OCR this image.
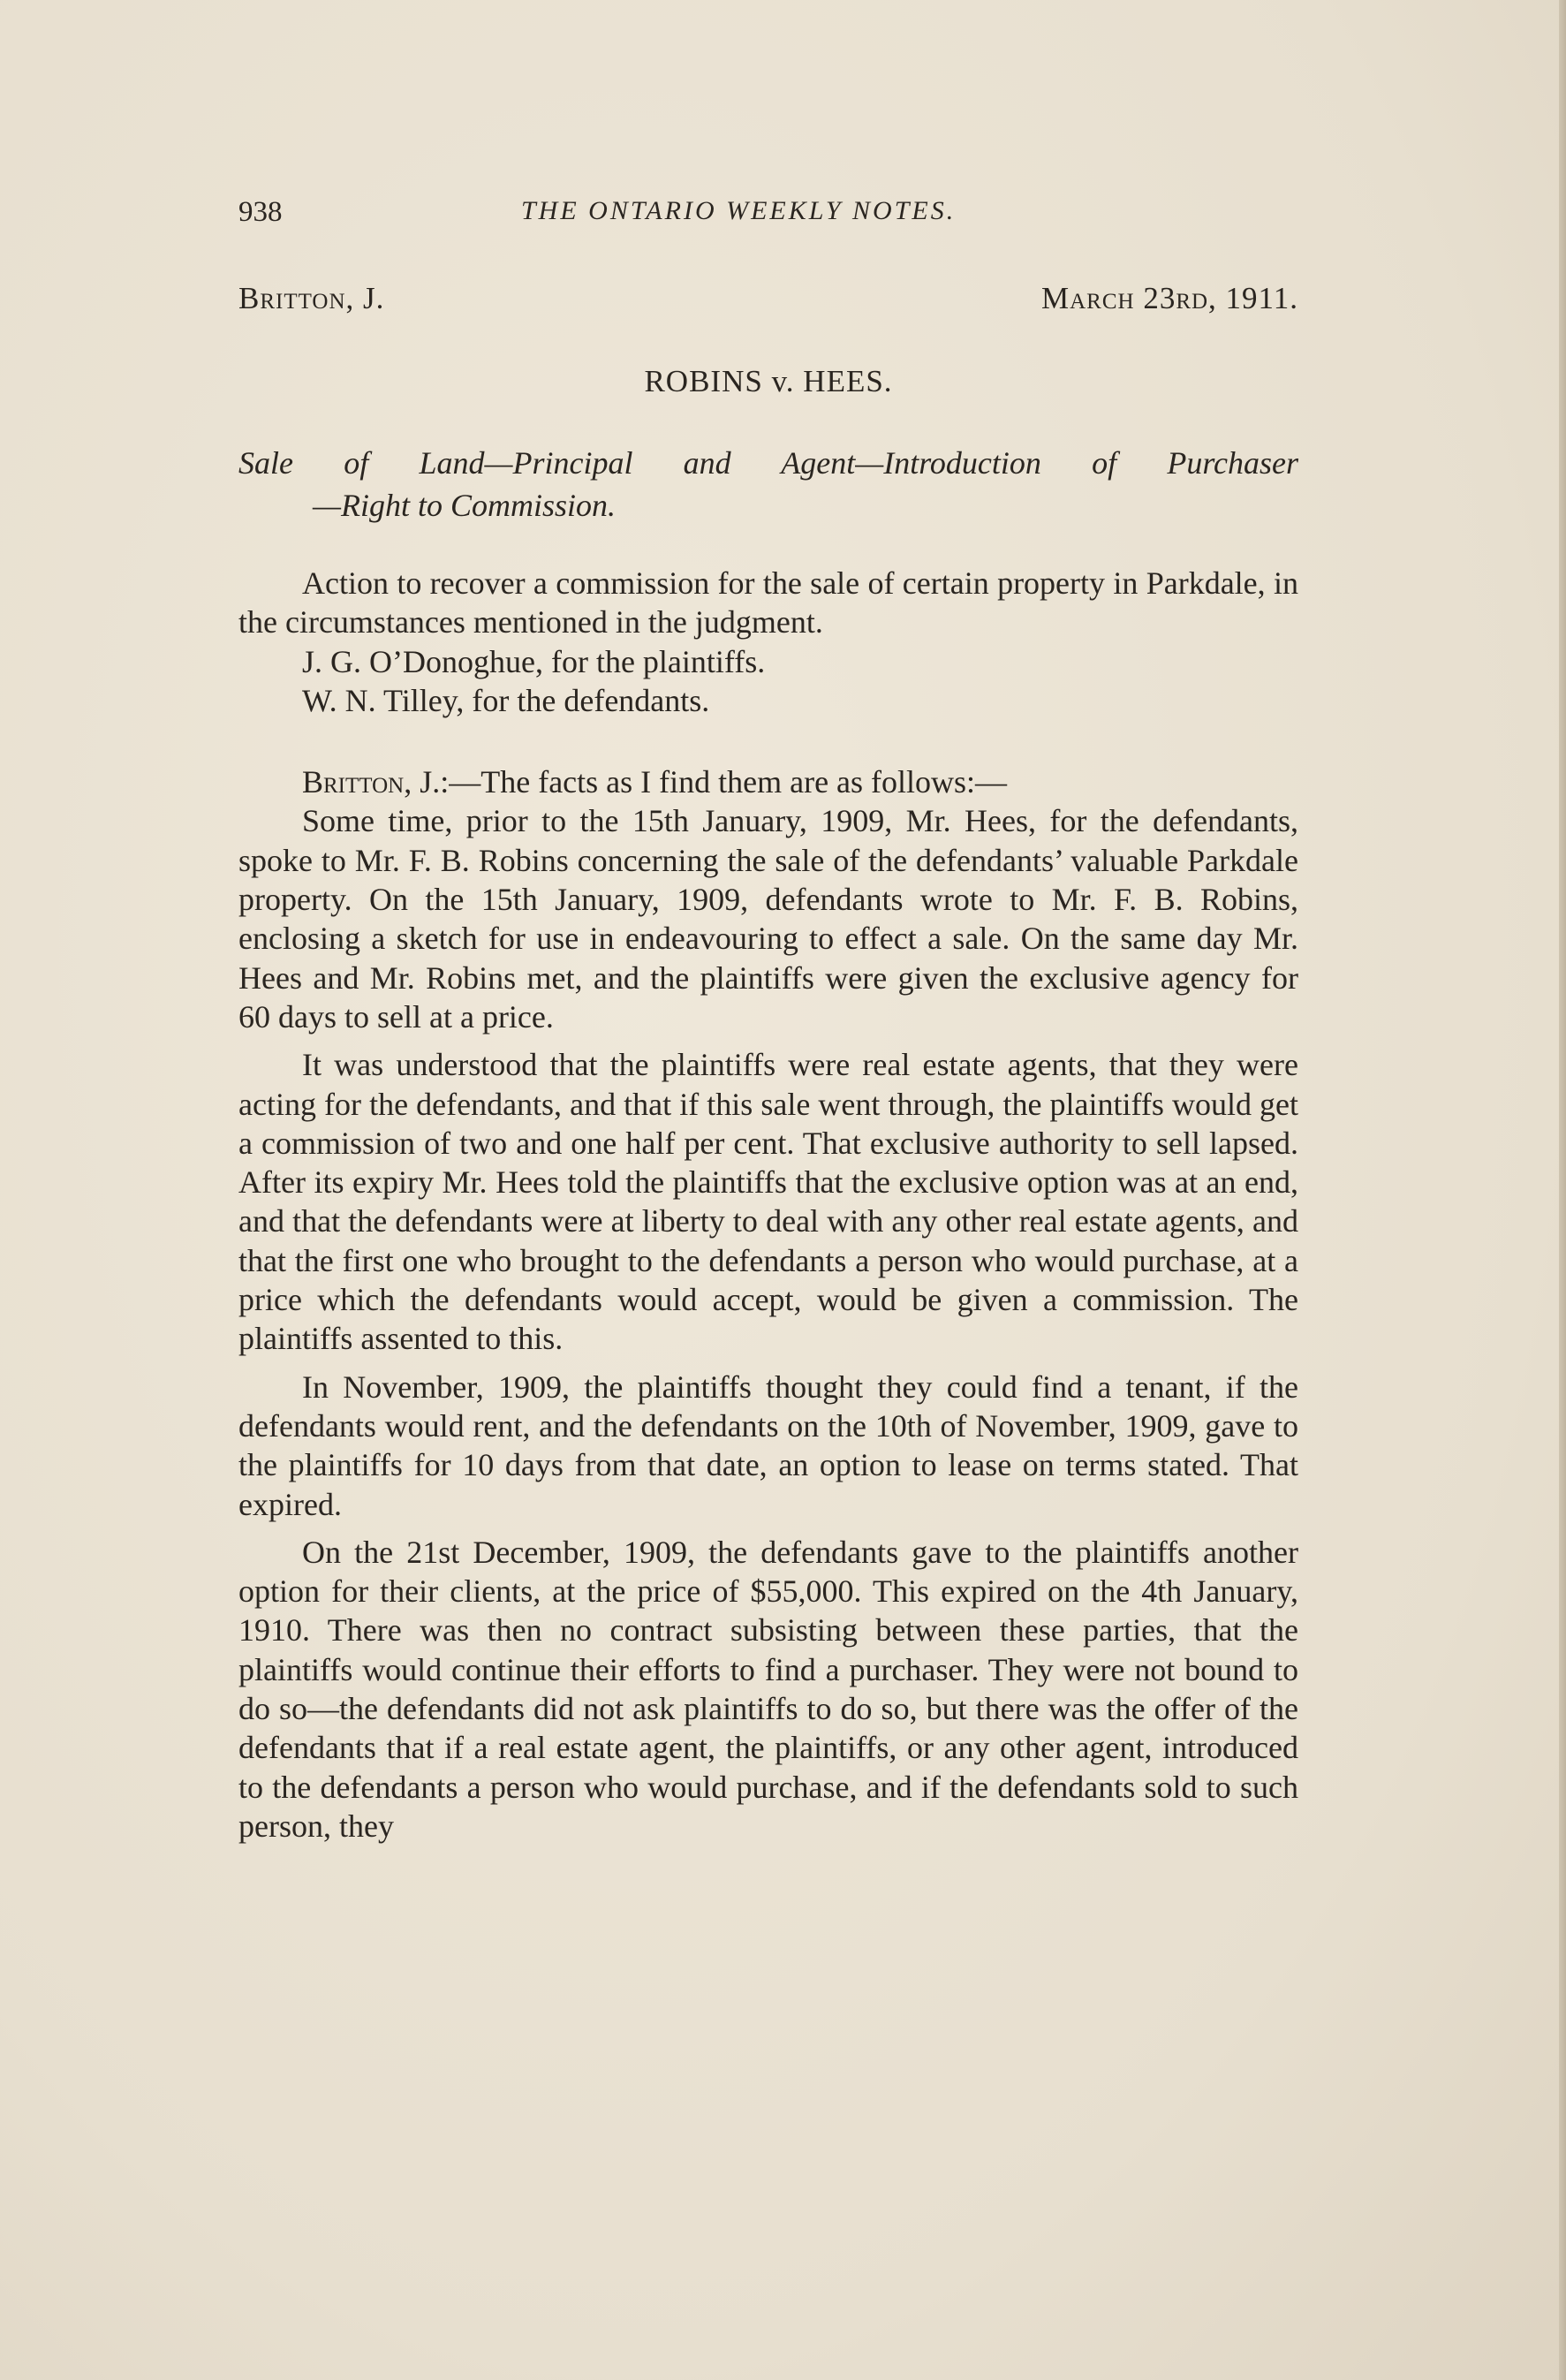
938	THE ONTARIO WEEKLY NOTES.
Britton, J.	March 23rd, 1911.
ROBINS v. HEES.
Sale of Land—Principal and Agent—Introduction of Purchaser
—Right to Commission.

Action to recover a commission for the sale of certain property in Parkdale, in the circumstances mentioned in the judgment.

J. G. O’Donoghue, for the plaintiffs.

W. N. Tilley, for the defendants.

Britton, J.:—The facts as I find them are as follows:—

Some time, prior to the 15th January, 1909, Mr. Hees, for the defendants, spoke to Mr. F. B. Robins concerning the sale of the defendants’ valuable Parkdale property. On the 15th January, 1909, defendants wrote to Mr. F. B. Robins, enclosing a sketch for use in endeavouring to effect a sale. On the same day Mr. Hees and Mr. Robins met, and the plaintiffs were given the exclusive agency for 60 days to sell at a price.

It was understood that the plaintiffs were real estate agents, that they were acting for the defendants, and that if this sale went through, the plaintiffs would get a commission of two and one half per cent. That exclusive authority to sell lapsed. After its expiry Mr. Hees told the plaintiffs that the exclusive option was at an end, and that the defendants were at liberty to deal with any other real estate agents, and that the first one who brought to the defendants a person who would purchase, at a price which the defendants would accept, would be given a commission. The plaintiffs assented to this.

In November, 1909, the plaintiffs thought they could find a tenant, if the defendants would rent, and the defendants on the 10th of November, 1909, gave to the plaintiffs for 10 days from that date, an option to lease on terms stated. That expired.

On the 21st December, 1909, the defendants gave to the plaintiffs another option for their clients, at the price of $55,000. This expired on the 4th January, 1910. There was then no contract subsisting between these parties, that the plaintiffs would continue their efforts to find a purchaser. They were not bound to do so—the defendants did not ask plaintiffs to do so, but there was the offer of the defendants that if a real estate agent, the plaintiffs, or any other agent, introduced to the defendants a person who would purchase, and if the defendants sold to such person, they
